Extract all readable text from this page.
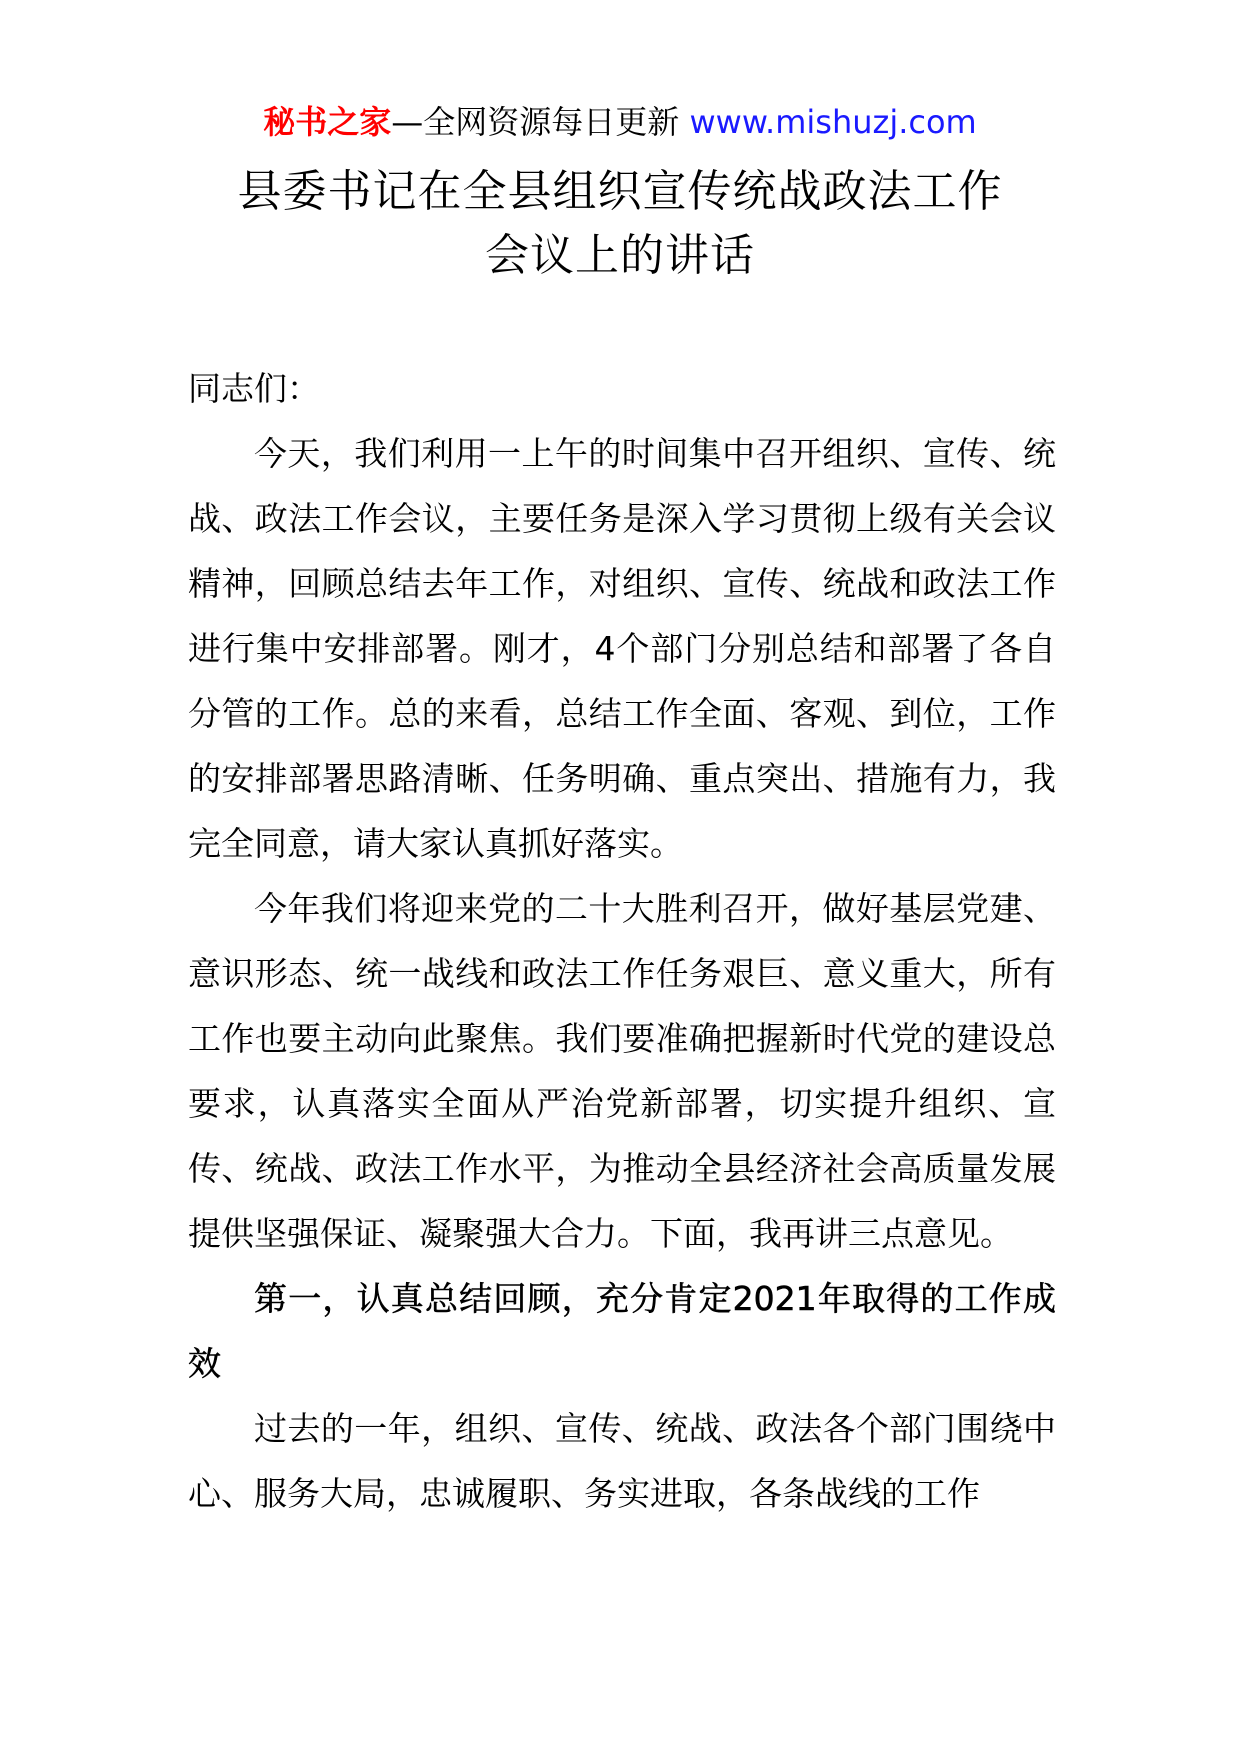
秘书之家—全网资源每日更新 www.mishuzj.com
县委书记在全县组织宣传统战政法工作
会议上的讲话

同志们：

今天，我们利用一上午的时间集中召开组织、宣传、统战、政法工作会议，主要任务是深入学习贯彻上级有关会议精神，回顾总结去年工作，对组织、宣传、统战和政法工作进行集中安排部署。刚才，4个部门分别总结和部署了各自分管的工作。总的来看，总结工作全面、客观、到位，工作的安排部署思路清晰、任务明确、重点突出、措施有力，我完全同意，请大家认真抓好落实。

今年我们将迎来党的二十大胜利召开，做好基层党建、意识形态、统一战线和政法工作任务艰巨、意义重大，所有工作也要主动向此聚焦。我们要准确把握新时代党的建设总要求，认真落实全面从严治党新部署，切实提升组织、宣传、统战、政法工作水平，为推动全县经济社会高质量发展提供坚强保证、凝聚强大合力。下面，我再讲三点意见。

第一，认真总结回顾，充分肯定2021年取得的工作成效

过去的一年，组织、宣传、统战、政法各个部门围绕中心、服务大局，忠诚履职、务实进取，各条战线的工作
